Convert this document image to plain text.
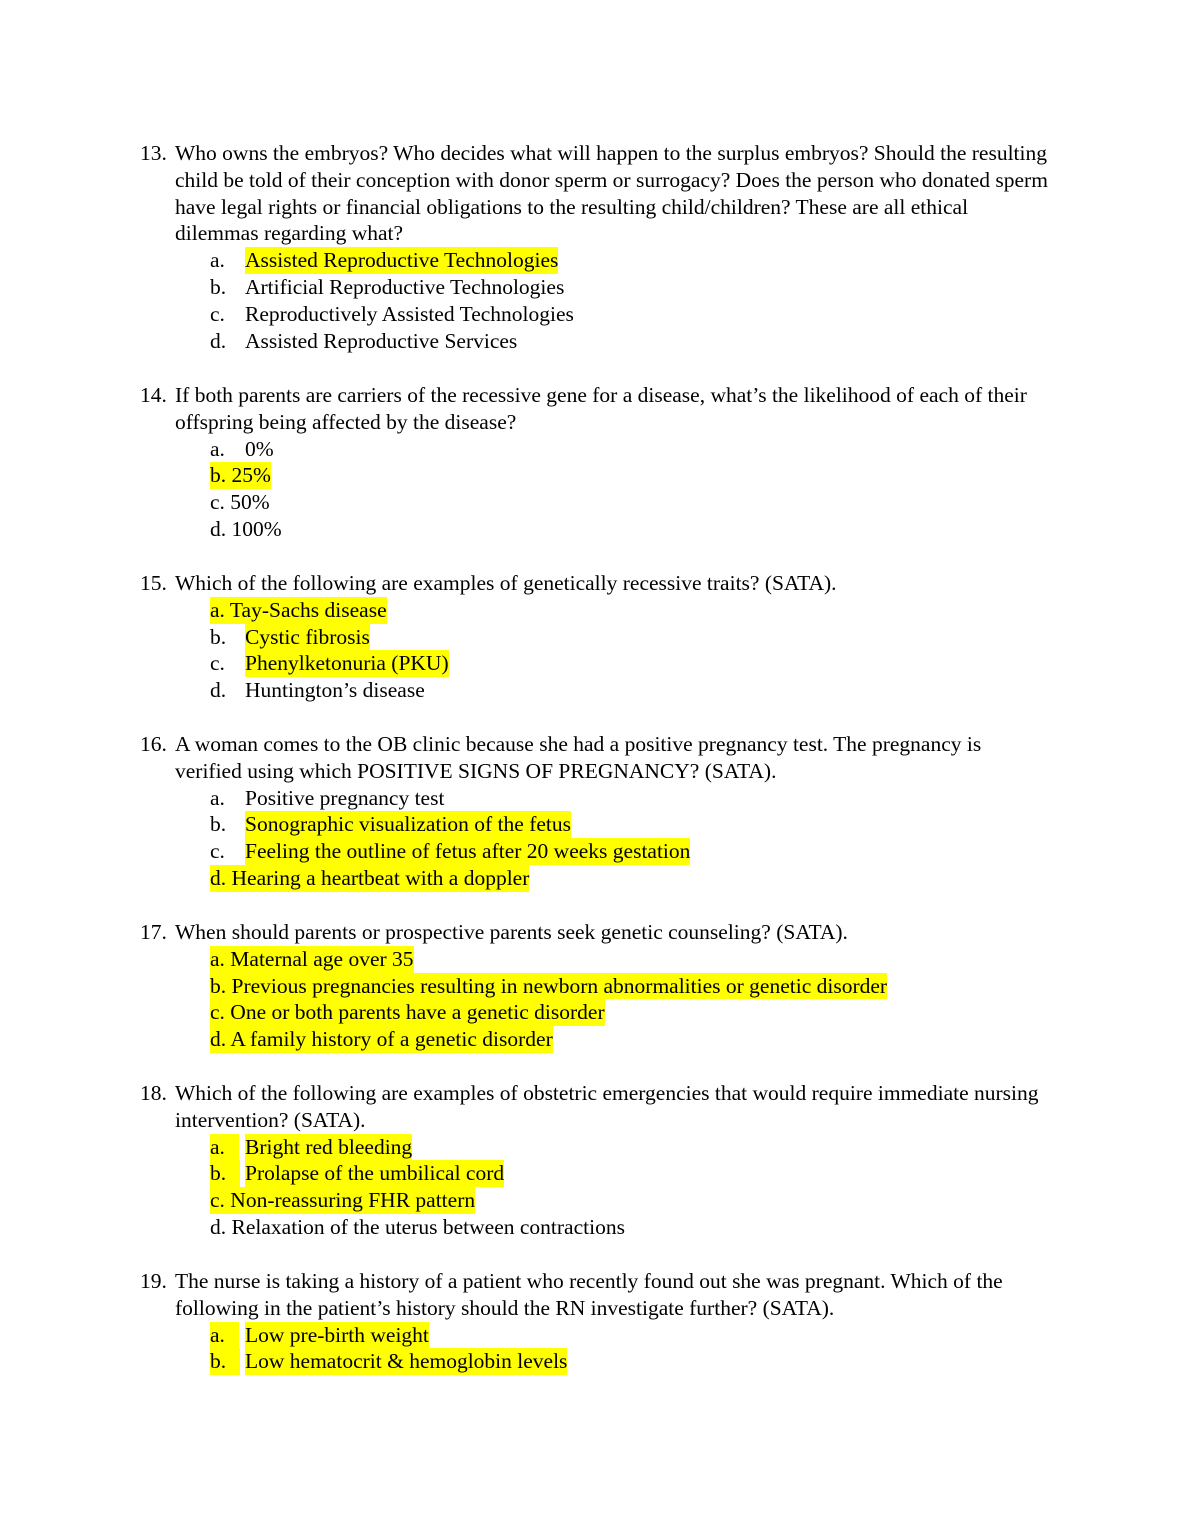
13. Who owns the embryos? Who decides what will happen to the surplus embryos? Should the resulting child be told of their conception with donor sperm or surrogacy? Does the person who donated sperm have legal rights or financial obligations to the resulting child/children? These are all ethical dilemmas regarding what?
a. Assisted Reproductive Technologies
b. Artificial Reproductive Technologies
c. Reproductively Assisted Technologies
d. Assisted Reproductive Services
14. If both parents are carriers of the recessive gene for a disease, what’s the likelihood of each of their offspring being affected by the disease?
a. 0%
b. 25%
c. 50%
d. 100%
15. Which of the following are examples of genetically recessive traits? (SATA).
a. Tay-Sachs disease
b. Cystic fibrosis
c. Phenylketonuria (PKU)
d. Huntington’s disease
16. A woman comes to the OB clinic because she had a positive pregnancy test. The pregnancy is verified using which POSITIVE SIGNS OF PREGNANCY? (SATA).
a. Positive pregnancy test
b. Sonographic visualization of the fetus
c. Feeling the outline of fetus after 20 weeks gestation
d. Hearing a heartbeat with a doppler
17. When should parents or prospective parents seek genetic counseling? (SATA).
a. Maternal age over 35
b. Previous pregnancies resulting in newborn abnormalities or genetic disorder
c. One or both parents have a genetic disorder
d. A family history of a genetic disorder
18. Which of the following are examples of obstetric emergencies that would require immediate nursing intervention? (SATA).
a. Bright red bleeding
b. Prolapse of the umbilical cord
c. Non-reassuring FHR pattern
d. Relaxation of the uterus between contractions
19. The nurse is taking a history of a patient who recently found out she was pregnant. Which of the following in the patient’s history should the RN investigate further? (SATA).
a. Low pre-birth weight
b. Low hematocrit & hemoglobin levels
